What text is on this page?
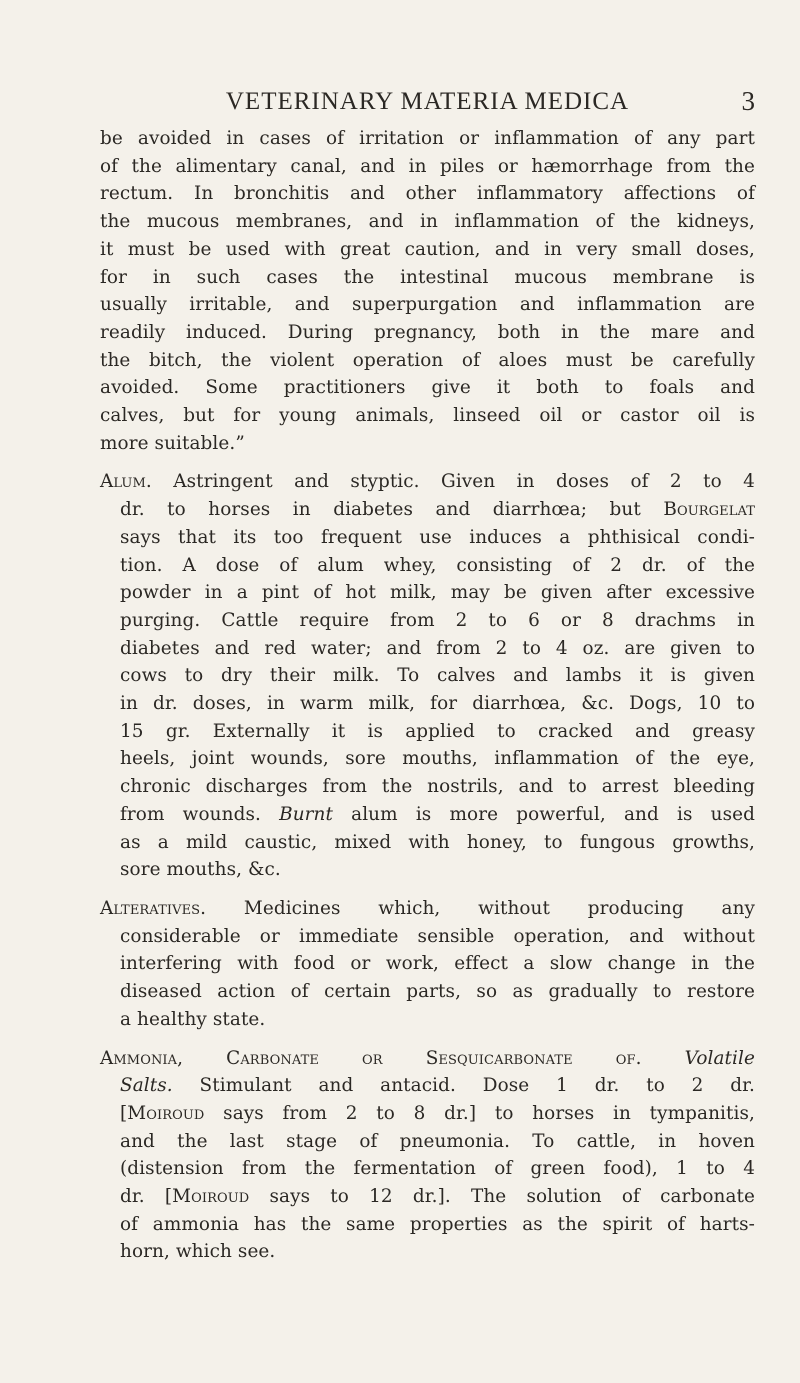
VETERINARY MATERIA MEDICA	3
be avoided in cases of irritation or inflammation of any part
of the alimentary canal, and in piles or hæmorrhage from the
rectum. In bronchitis and other inflammatory affections of
the mucous membranes, and in inflammation of the kidneys,
it must be used with great caution, and in very small doses,
for in such cases the intestinal mucous membrane is
usually irritable, and superpurgation and inflammation are
readily induced. During pregnancy, both in the mare and
the bitch, the violent operation of aloes must be carefully
avoided. Some practitioners give it both to foals and
calves, but for young animals, linseed oil or castor oil is
more suitable.”
Alum. Astringent and styptic. Given in doses of 2 to 4
dr. to horses in diabetes and diarrhœa; but Bourgelat
says that its too frequent use induces a phthisical condi-
tion. A dose of alum whey, consisting of 2 dr. of the
powder in a pint of hot milk, may be given after excessive
purging. Cattle require from 2 to 6 or 8 drachms in
diabetes and red water; and from 2 to 4 oz. are given to
cows to dry their milk. To calves and lambs it is given
in dr. doses, in warm milk, for diarrhœa, &c. Dogs, 10 to
15 gr. Externally it is applied to cracked and greasy
heels, joint wounds, sore mouths, inflammation of the eye,
chronic discharges from the nostrils, and to arrest bleeding
from wounds. Burnt alum is more powerful, and is used
as a mild caustic, mixed with honey, to fungous growths,
sore mouths, &c.
Alteratives. Medicines which, without producing any
considerable or immediate sensible operation, and without
interfering with food or work, effect a slow change in the
diseased action of certain parts, so as gradually to restore
a healthy state.
Ammonia, Carbonate or Sesquicarbonate of. Volatile
Salts. Stimulant and antacid. Dose 1 dr. to 2 dr.
[Moiroud says from 2 to 8 dr.] to horses in tympanitis,
and the last stage of pneumonia. To cattle, in hoven
(distension from the fermentation of green food), 1 to 4
dr. [Moiroud says to 12 dr.]. The solution of carbonate
of ammonia has the same properties as the spirit of harts-
horn, which see.
